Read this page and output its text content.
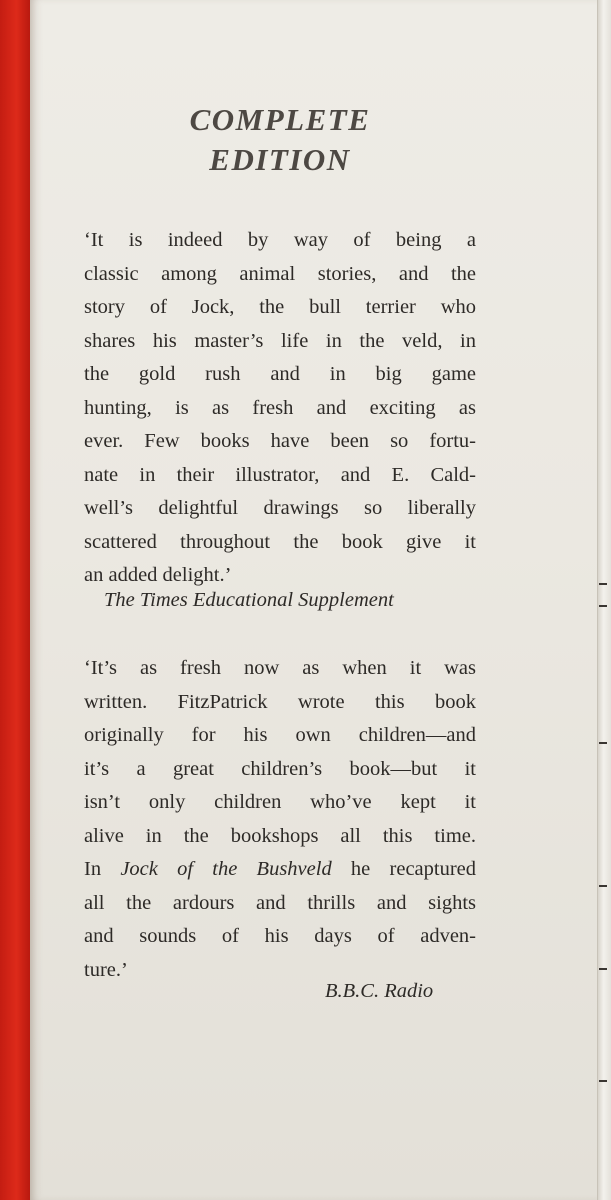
COMPLETE
EDITION
‘It is indeed by way of being a
classic among animal stories, and the
story of Jock, the bull terrier who
shares his master’s life in the veld, in
the gold rush and in big game
hunting, is as fresh and exciting as
ever. Few books have been so fortu-
nate in their illustrator, and E. Cald-
well’s delightful drawings so liberally
scattered throughout the book give it
an added delight.’
The Times Educational Supplement
‘It’s as fresh now as when it was
written. FitzPatrick wrote this book
originally for his own children—and
it’s a great children’s book—but it
isn’t only children who’ve kept it
alive in the bookshops all this time.
In Jock of the Bushveld he recaptured
all the ardours and thrills and sights
and sounds of his days of adven-
ture.’
B.B.C. Radio
